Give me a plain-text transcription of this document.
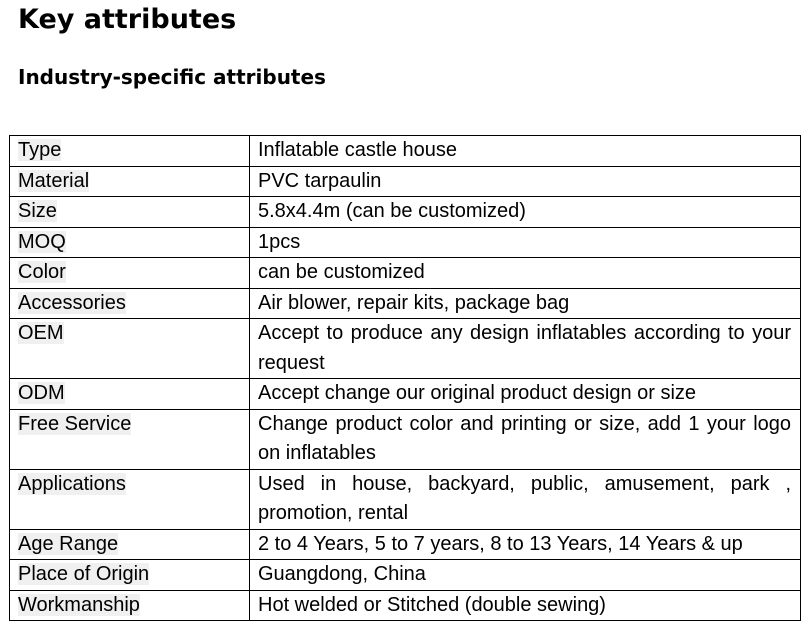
Key attributes
Industry-specific attributes
Type	Inflatable castle house
Material	PVC tarpaulin
Size	5.8x4.4m (can be customized)
MOQ	1pcs
Color	can be customized
Accessories	Air blower, repair kits, package bag
OEM	Accept to produce any design inflatables according to your request
ODM	Accept change our original product design or size
Free Service	Change product color and printing or size, add 1 your logo on inflatables
Applications	Used in house, backyard, public, amusement, park , promotion, rental
Age Range	2 to 4 Years, 5 to 7 years, 8 to 13 Years, 14 Years & up
Place of Origin	Guangdong, China
Workmanship	Hot welded or Stitched (double sewing)
